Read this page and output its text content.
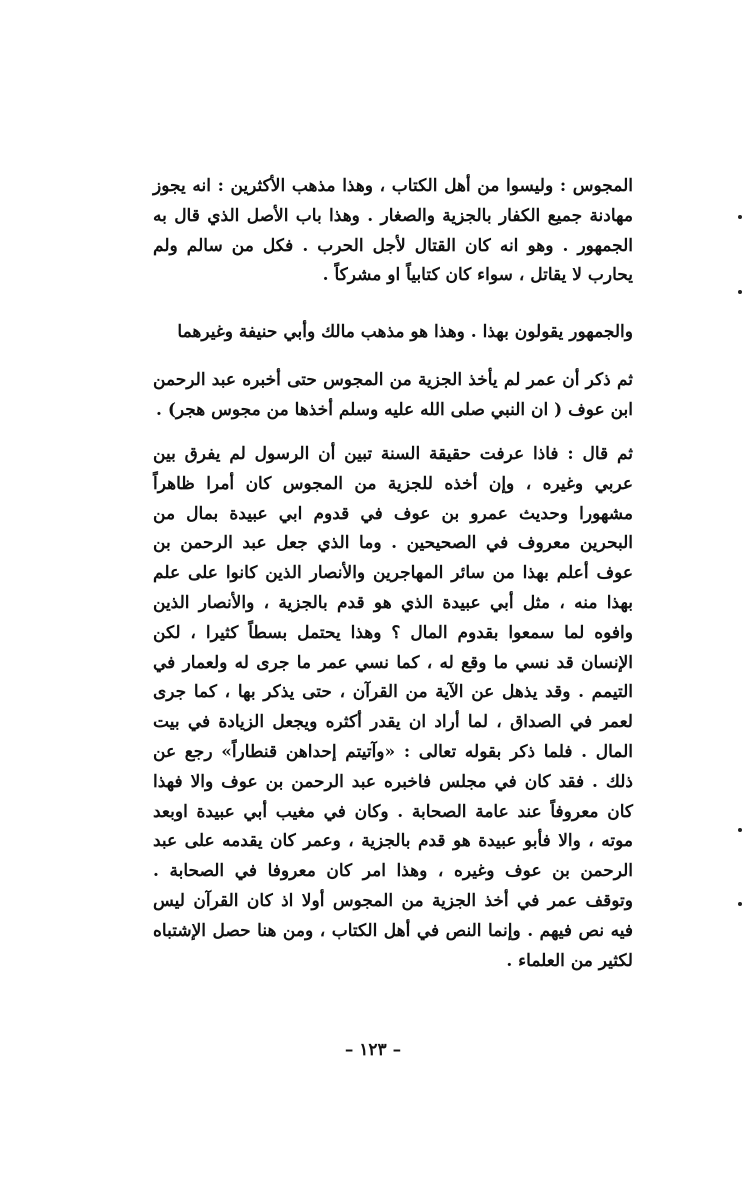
المجوس : وليسوا من أهل الكتاب ، وهذا مذهب الأكثرين : انه يجوز مهادنة جميع الكفار بالجزية والصغار . وهذا باب الأصل الذي قال به الجمهور . وهو انه كان القتال لأجل الحرب . فكل من سالم ولم يحارب لا يقاتل ، سواء كان كتابياً او مشركاً .

والجمهور يقولون بهذا . وهذا هو مذهب مالك وأبي حنيفة وغيرهما

ثم ذكر أن عمر لم يأخذ الجزية من المجوس حتى أخبره عبد الرحمن ابن عوف ( ان النبي صلى الله عليه وسلم أخذها من مجوس هجر) .

ثم قال : فاذا عرفت حقيقة السنة تبين أن الرسول لم يفرق بين عربي وغيره ، وإن أخذه للجزية من المجوس كان أمرا ظاهراً مشهورا وحديث عمرو بن عوف في قدوم ابي عبيدة بمال من البحرين معروف في الصحيحين . وما الذي جعل عبد الرحمن بن عوف أعلم بهذا من سائر المهاجرين والأنصار الذين كانوا على علم بهذا منه ، مثل أبي عبيدة الذي هو قدم بالجزية ، والأنصار الذين وافوه لما سمعوا بقدوم المال ؟ وهذا يحتمل بسطاً كثيرا ، لكن الإنسان قد نسي ما وقع له ، كما نسي عمر ما جرى له ولعمار في التيمم . وقد يذهل عن الآية من القرآن ، حتى يذكر بها ، كما جرى لعمر في الصداق ، لما أراد ان يقدر أكثره ويجعل الزيادة في بيت المال . فلما ذكر بقوله تعالى : «وآتيتم إحداهن قنطاراً» رجع عن ذلك . فقد كان في مجلس فاخبره عبد الرحمن بن عوف والا فهذا كان معروفاً عند عامة الصحابة . وكان في مغيب أبي عبيدة اوبعد موته ، والا فأبو عبيدة هو قدم بالجزية ، وعمر كان يقدمه على عبد الرحمن بن عوف وغيره ، وهذا امر كان معروفا في الصحابة . وتوقف عمر في أخذ الجزية من المجوس أولا اذ كان القرآن ليس فيه نص فيهم . وإنما النص في أهل الكتاب ، ومن هنا حصل الإشتباه لكثير من العلماء .

– ١٢٣ –
